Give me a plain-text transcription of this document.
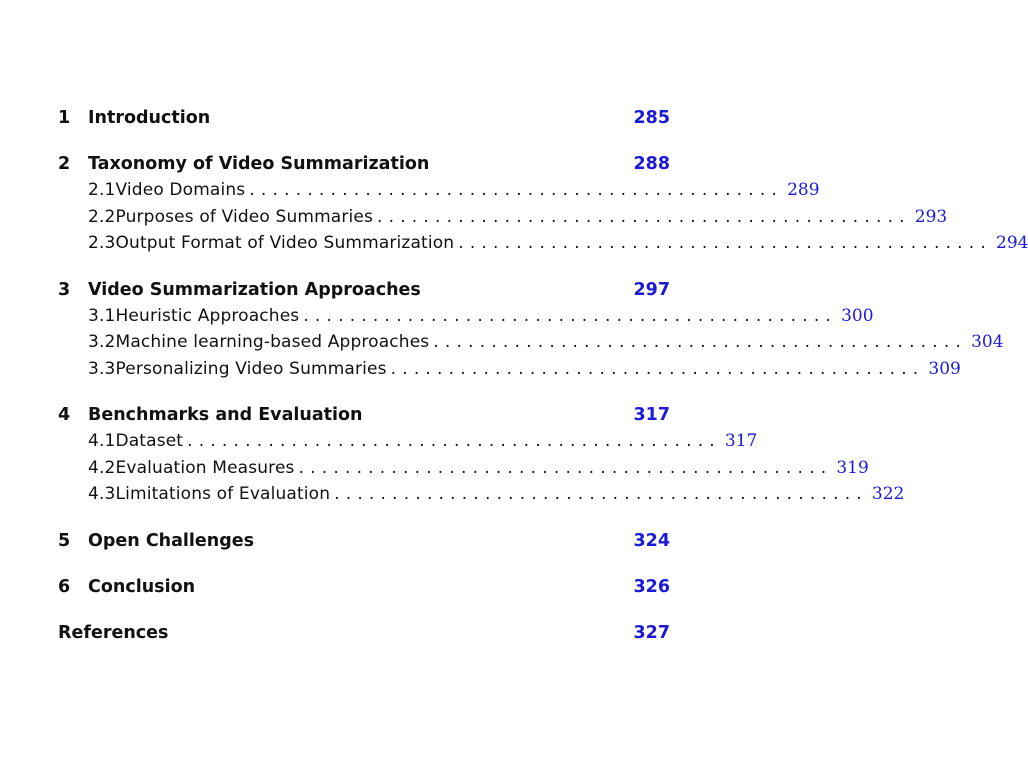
1	Introduction	285
2	Taxonomy of Video Summarization	288
2.1 Video Domains .............................................. 289
2.2 Purposes of Video Summaries .............................................. 293
2.3 Output Format of Video Summarization .............................................. 294
3	Video Summarization Approaches	297
3.1 Heuristic Approaches .............................................. 300
3.2 Machine learning-based Approaches .............................................. 304
3.3 Personalizing Video Summaries .............................................. 309
4	Benchmarks and Evaluation	317
4.1 Dataset .............................................. 317
4.2 Evaluation Measures .............................................. 319
4.3 Limitations of Evaluation .............................................. 322
5	Open Challenges	324
6	Conclusion	326
References	327
